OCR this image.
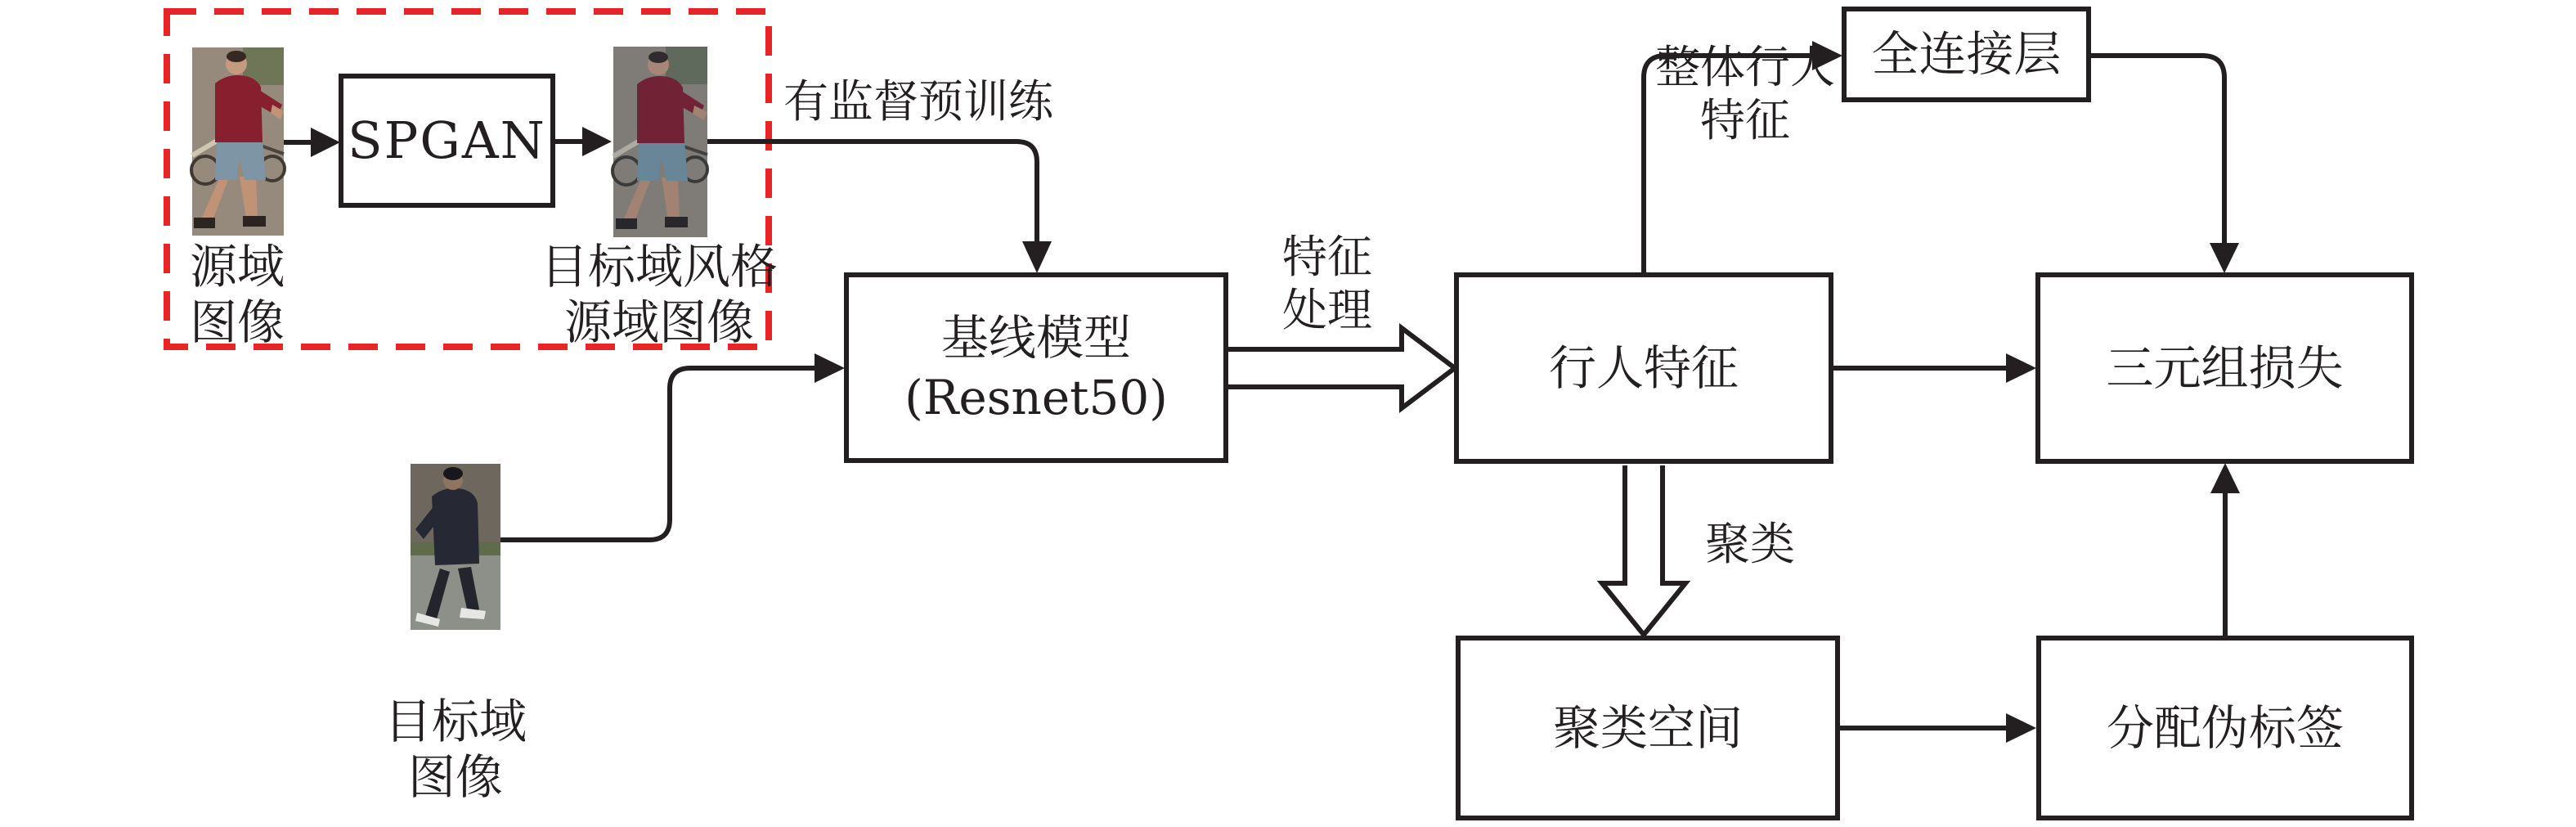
SPGAN
基线模型
(Resnet50)
行人特征
全连接层
三元组损失
聚类空间	分配伪标签
源域
图像
目标域风格
源域图像
目标域
图像
有监督预训练
特征
处理
整体行人
特征
聚类
